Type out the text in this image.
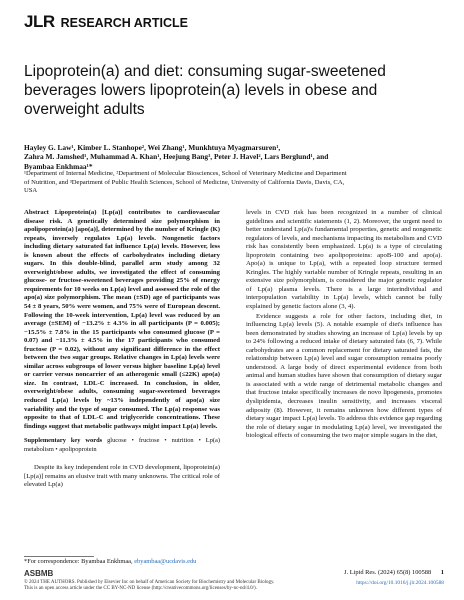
JLR RESEARCH ARTICLE
Lipoprotein(a) and diet: consuming sugar-sweetened beverages lowers lipoprotein(a) levels in obese and overweight adults
Hayley G. Law¹, Kimber L. Stanhope², Wei Zhang¹, Munkhtuya Myagmarsuren¹,
Zahra M. Jamshed¹, Muhammad A. Khan¹, Heejung Bang³, Peter J. Havel², Lars Berglund¹, and
Byambaa Enkhmaa¹*
¹Department of Internal Medicine, ²Department of Molecular Biosciences, School of Veterinary Medicine and Department
of Nutrition, and ³Department of Public Health Sciences, School of Medicine, University of California Davis, Davis, CA,
USA
Abstract Lipoprotein(a) [Lp(a)] contributes to cardiovascular disease risk. A genetically determined size polymorphism in apolipoprotein(a) [apo(a)], determined by the number of Kringle (K) repeats, inversely regulates Lp(a) levels. Nongenetic factors including dietary saturated fat influence Lp(a) levels. However, less is known about the effects of carbohydrates including dietary sugars. In this double-blind, parallel arm study among 32 overweight/obese adults, we investigated the effect of consuming glucose- or fructose-sweetened beverages providing 25% of energy requirements for 10 weeks on Lp(a) level and assessed the role of the apo(a) size polymorphism. The mean (±SD) age of participants was 54 ± 8 years, 50% were women, and 75% were of European descent. Following the 10-week intervention, Lp(a) level was reduced by an average (±SEM) of −13.2% ± 4.3% in all participants (P = 0.005); −15.5% ± 7.8% in the 15 participants who consumed glucose (P = 0.07) and −11.3% ± 4.5% in the 17 participants who consumed fructose (P = 0.02), without any significant difference in the effect between the two sugar groups. Relative changes in Lp(a) levels were similar across subgroups of lower versus higher baseline Lp(a) level or carrier versus noncarrier of an atherogenic small (≤22K) apo(a) size. In contrast, LDL-C increased. In conclusion, in older, overweight/obese adults, consuming sugar-sweetened beverages reduced Lp(a) levels by ~13% independently of apo(a) size variability and the type of sugar consumed. The Lp(a) response was opposite to that of LDL-C and triglyceride concentrations. These findings suggest that metabolic pathways might impact Lp(a) levels.
Supplementary key words glucose • fructose • nutrition • Lp(a) metabolism • apolipoprotein
Despite its key independent role in CVD development, lipoprotein(a) [Lp(a)] remains an elusive trait with many unknowns. The critical role of elevated Lp(a)

levels in CVD risk has been recognized in a number of clinical guidelines and scientific statements (1, 2). Moreover, the urgent need to better understand Lp(a)'s fundamental properties, genetic and nongenetic regulators of levels, and mechanisms impacting its metabolism and CVD risk has consistently been emphasized. Lp(a) is a type of circulating lipoprotein containing two apolipoproteins: apoB-100 and apo(a). Apo(a) is unique to Lp(a), with a repeated loop structure termed Kringles. The highly variable number of Kringle repeats, resulting in an extensive size polymorphism, is considered the major genetic regulator of Lp(a) plasma levels. There is a large interindividual and interpopulation variability in Lp(a) levels, which cannot be fully explained by genetic factors alone (3, 4).

Evidence suggests a role for other factors, including diet, in influencing Lp(a) levels (5). A notable example of diet's influence has been demonstrated by studies showing an increase of Lp(a) levels by up to 24% following a reduced intake of dietary saturated fats (6, 7). While carbohydrates are a common replacement for dietary saturated fats, the relationship between Lp(a) level and sugar consumption remains poorly understood. A large body of direct experimental evidence from both animal and human studies have shown that consumption of dietary sugar is associated with a wide range of detrimental metabolic changes and that fructose intake specifically increases de novo lipogenesis, promotes dyslipidemia, decreases insulin sensitivity, and increases visceral adiposity (8). However, it remains unknown how different types of dietary sugar impact Lp(a) levels. To address this evidence gap regarding the role of dietary sugar in modulating Lp(a) level, we investigated the biological effects of consuming the two major simple sugars in the diet,

*For correspondence: Byambaa Enkhmaa, ebyambaa@ucdavis.edu
ASBMB	J. Lipid Res. (2024) 65(8) 100588 1
© 2024 THE AUTHORS. Published by Elsevier Inc on behalf of American Society for Biochemistry and Molecular Biology.
This is an open access article under the CC BY-NC-ND license (http://creativecommons.org/licenses/by-nc-nd/4.0/).
https://doi.org/10.1016/j.jlr.2024.100588
